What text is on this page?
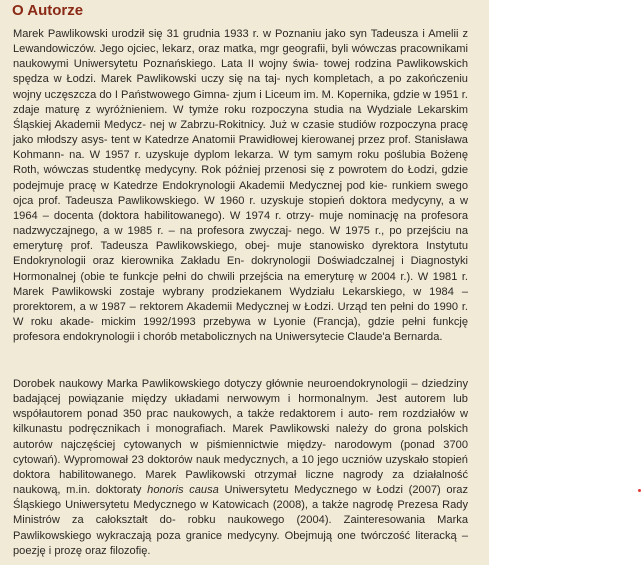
O Autorze

Marek Pawlikowski urodził się 31 grudnia 1933 r. w Poznaniu jako syn Tadeusza i Amelii z Lewandowiczów. Jego ojciec, lekarz, oraz matka, mgr geografii, byli wówczas pracownikami naukowymi Uniwersytetu Poznańskiego. Lata II wojny świa- towej rodzina Pawlikowskich spędza w Łodzi. Marek Pawlikowski uczy się na taj- nych kompletach, a po zakończeniu wojny uczęszcza do I Państwowego Gimna- zjum i Liceum im. M. Kopernika, gdzie w 1951 r. zdaje maturę z wyróżnieniem. W tymże roku rozpoczyna studia na Wydziale Lekarskim Śląskiej Akademii Medycz- nej w Zabrzu-Rokitnicy. Już w czasie studiów rozpoczyna pracę jako młodszy asys- tent w Katedrze Anatomii Prawidłowej kierowanej przez prof. Stanisława Kohmann- na. W 1957 r. uzyskuje dyplom lekarza. W tym samym roku poślubia Bożenę Roth, wówczas studentkę medycyny. Rok później przenosi się z powrotem do Łodzi, gdzie podejmuje pracę w Katedrze Endokrynologii Akademii Medycznej pod kie- runkiem swego ojca prof. Tadeusza Pawlikowskiego. W 1960 r. uzyskuje stopień doktora medycyny, a w 1964 – docenta (doktora habilitowanego). W 1974 r. otrzy- muje nominację na profesora nadzwyczajnego, a w 1985 r. – na profesora zwyczaj- nego. W 1975 r., po przejściu na emeryturę prof. Tadeusza Pawlikowskiego, obej- muje stanowisko dyrektora Instytutu Endokrynologii oraz kierownika Zakładu En- dokrynologii Doświadczalnej i Diagnostyki Hormonalnej (obie te funkcje pełni do chwili przejścia na emeryturę w 2004 r.). W 1981 r. Marek Pawlikowski zostaje wybrany prodziekanem Wydziału Lekarskiego, w 1984 – prorektorem, a w 1987 – rektorem Akademii Medycznej w Łodzi. Urząd ten pełni do 1990 r. W roku akade- mickim 1992/1993 przebywa w Lyonie (Francja), gdzie pełni funkcję profesora endokrynologii i chorób metabolicznych na Uniwersytecie Claude'a Bernarda.

Dorobek naukowy Marka Pawlikowskiego dotyczy głównie neuroendokrynologii – dziedziny badającej powiązanie między układami nerwowym i hormonalnym. Jest autorem lub współautorem ponad 350 prac naukowych, a także redaktorem i auto- rem rozdziałów w kilkunastu podręcznikach i monografiach. Marek Pawlikowski należy do grona polskich autorów najczęściej cytowanych w piśmiennictwie między- narodowym (ponad 3700 cytowań). Wypromował 23 doktorów nauk medycznych, a 10 jego uczniów uzyskało stopień doktora habilitowanego. Marek Pawlikowski otrzymał liczne nagrody za działalność naukową, m.in. doktoraty honoris causa Uniwersytetu Medycznego w Łodzi (2007) oraz Śląskiego Uniwersytetu Medycznego w Katowicach (2008), a także nagrodę Prezesa Rady Ministrów za całokształt do- robku naukowego (2004). Zainteresowania Marka Pawlikowskiego wykraczają poza granice medycyny. Obejmują one twórczość literacką – poezję i prozę oraz filozofię.
